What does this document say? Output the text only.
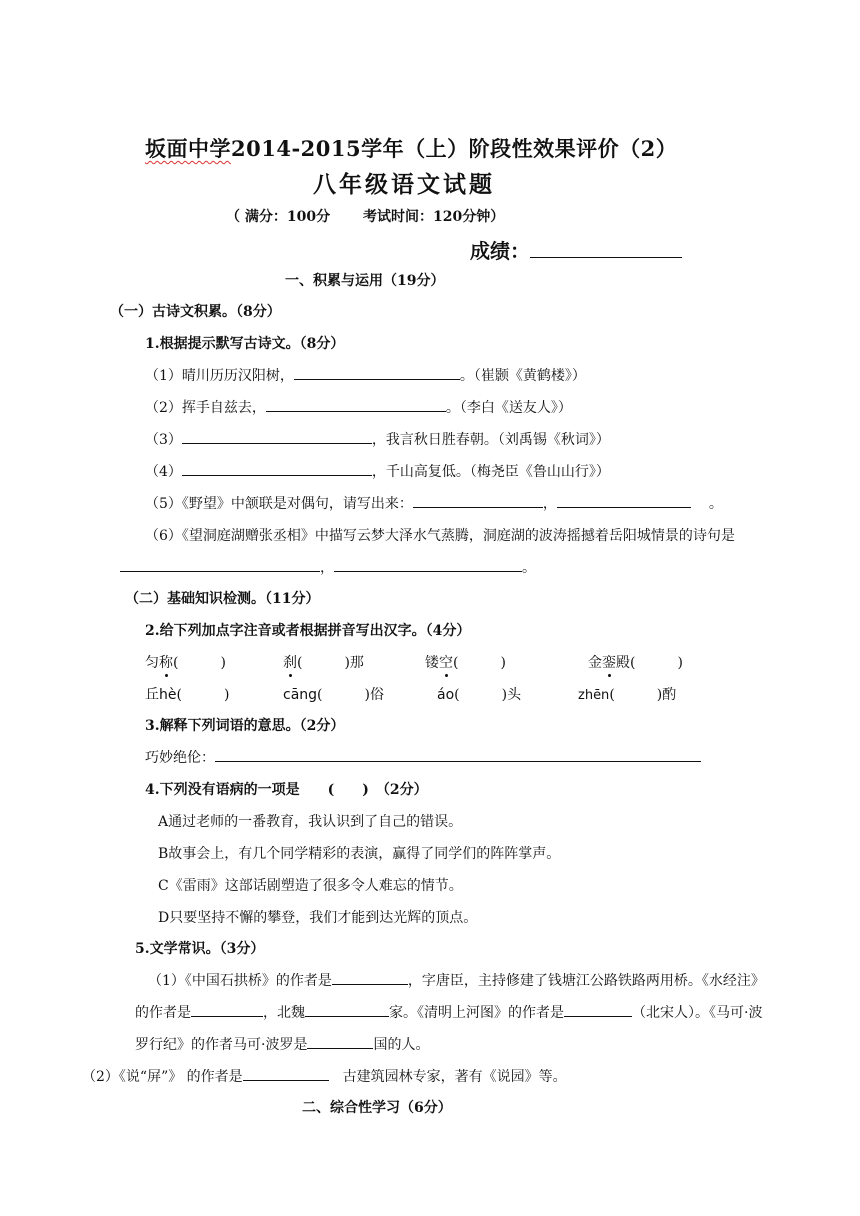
坂面中学2014-2015学年（上）阶段性效果评价（2）
八年级语文试题
（ 满分：100分　　 考试时间：120分钟）
成绩：
一、积累与运用（19分）
（一）古诗文积累。（8分）
1.根据提示默写古诗文。（8分）
（1）晴川历历汉阳树，	。（崔颢《黄鹤楼》）
（2）挥手自兹去，	。（李白《送友人》）
（3）	，我言秋日胜春朝。（刘禹锡《秋词》）
（4）	，千山高复低。（梅尧臣《鲁山山行》）
（5）《野望》中颔联是对偶句，请写出来：	，	。
（6）《望洞庭湖赠张丞相》中描写云梦大泽水气蒸腾，洞庭湖的波涛摇撼着岳阳城情景的诗句是
，	。
（二）基础知识检测。（11分）
2.给下列加点字注音或者根据拼音写出汉字。（4分）
匀称(　　　)	刹(　　　)那	镂空(　　　)	金銮殿(　　　)
丘hè(　　　)	cāng(　　　)俗	áo(　　　)头	zhēn(　　　)酌
3.解释下列词语的意思。（2分）
巧妙绝伦：
4.下列没有语病的一项是　　(　　)　（2分）
A通过老师的一番教育，我认识到了自己的错误。
B故事会上，有几个同学精彩的表演，赢得了同学们的阵阵掌声。
C《雷雨》这部话剧塑造了很多令人难忘的情节。
D只要坚持不懈的攀登，我们才能到达光辉的顶点。
5.文学常识。（3分）
（1）《中国石拱桥》的作者是	，字唐臣，主持修建了钱塘江公路铁路两用桥。《水经注》
的作者是	，北魏	家。《清明上河图》的作者是	（北宋人）。《马可·波
罗行纪》的作者马可·波罗是	国的人。
（2）《说“屏”》 的作者是	　古建筑园林专家，著有《说园》等。
二、综合性学习（6分）
